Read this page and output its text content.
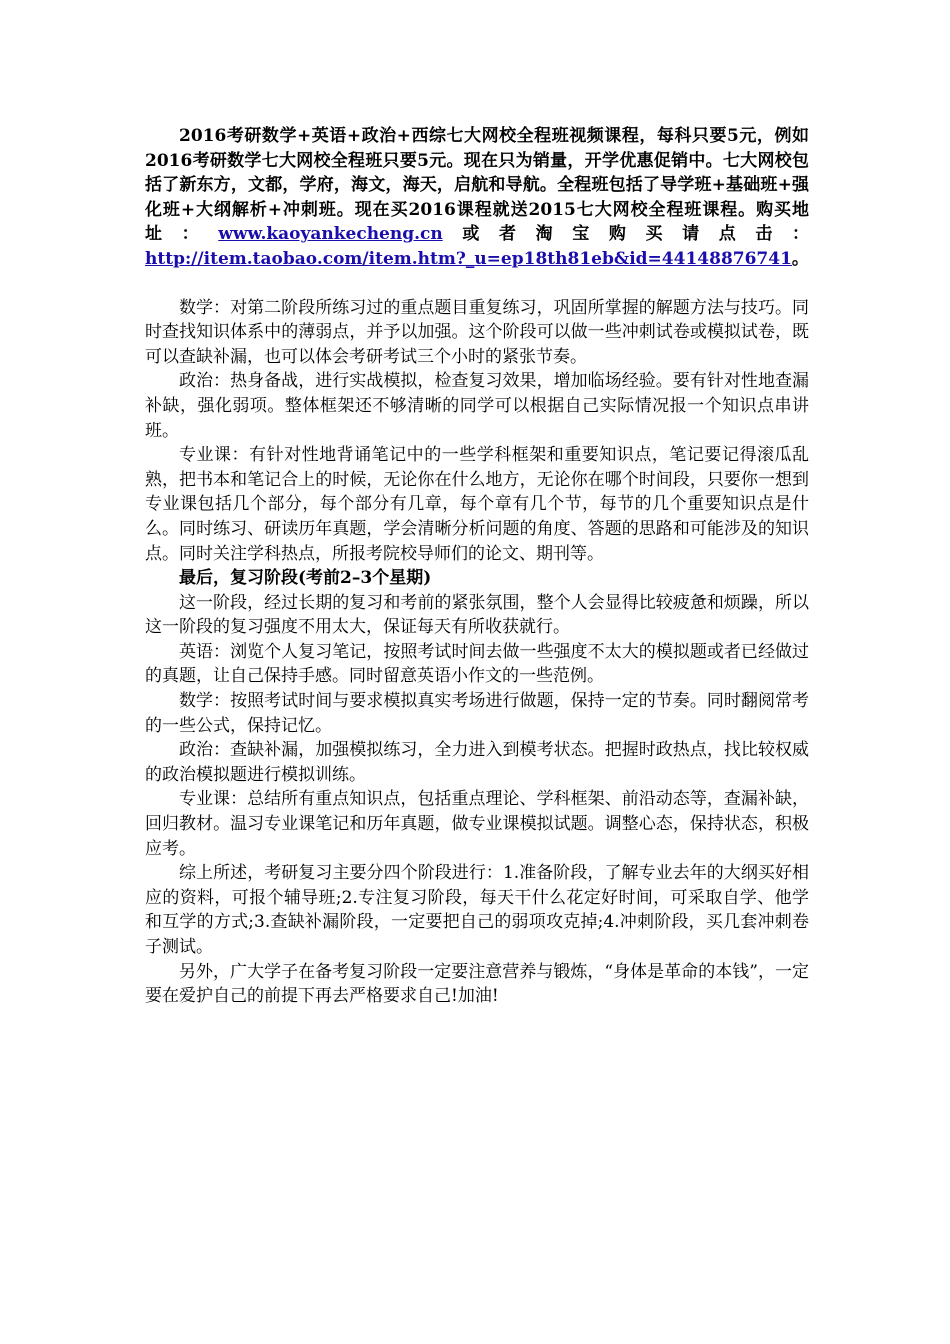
2016考研数学+英语+政治+西综七大网校全程班视频课程，每科只要5元，例如2016考研数学七大网校全程班只要5元。现在只为销量，开学优惠促销中。七大网校包括了新东方，文都，学府，海文，海天，启航和导航。全程班包括了导学班+基础班+强化班+大纲解析+冲刺班。现在买2016课程就送2015七大网校全程班课程。购买地址：www.kaoyankecheng.cn或者淘宝购买请点击：http://item.taobao.com/item.htm?_u=ep18th81eb&id=44148876741。

数学：对第二阶段所练习过的重点题目重复练习，巩固所掌握的解题方法与技巧。同时查找知识体系中的薄弱点，并予以加强。这个阶段可以做一些冲刺试卷或模拟试卷，既可以查缺补漏，也可以体会考研考试三个小时的紧张节奏。

政治：热身备战，进行实战模拟，检查复习效果，增加临场经验。要有针对性地查漏补缺，强化弱项。整体框架还不够清晰的同学可以根据自己实际情况报一个知识点串讲班。

专业课：有针对性地背诵笔记中的一些学科框架和重要知识点，笔记要记得滚瓜乱熟，把书本和笔记合上的时候，无论你在什么地方，无论你在哪个时间段，只要你一想到专业课包括几个部分，每个部分有几章，每个章有几个节，每节的几个重要知识点是什么。同时练习、研读历年真题，学会清晰分析问题的角度、答题的思路和可能涉及的知识点。同时关注学科热点，所报考院校导师们的论文、期刊等。

最后，复习阶段(考前2–3个星期)

这一阶段，经过长期的复习和考前的紧张氛围，整个人会显得比较疲惫和烦躁，所以这一阶段的复习强度不用太大，保证每天有所收获就行。

英语：浏览个人复习笔记，按照考试时间去做一些强度不太大的模拟题或者已经做过的真题，让自己保持手感。同时留意英语小作文的一些范例。

数学：按照考试时间与要求模拟真实考场进行做题，保持一定的节奏。同时翻阅常考的一些公式，保持记忆。

政治：查缺补漏，加强模拟练习，全力进入到模考状态。把握时政热点，找比较权威的政治模拟题进行模拟训练。

专业课：总结所有重点知识点，包括重点理论、学科框架、前沿动态等，查漏补缺，回归教材。温习专业课笔记和历年真题，做专业课模拟试题。调整心态，保持状态，积极应考。

综上所述，考研复习主要分四个阶段进行：1.准备阶段，了解专业去年的大纲买好相应的资料，可报个辅导班;2.专注复习阶段，每天干什么花定好时间，可采取自学、他学和互学的方式;3.查缺补漏阶段，一定要把自己的弱项攻克掉;4.冲刺阶段，买几套冲刺卷子测试。

另外，广大学子在备考复习阶段一定要注意营养与锻炼，“身体是革命的本钱”，一定要在爱护自己的前提下再去严格要求自己!加油!
